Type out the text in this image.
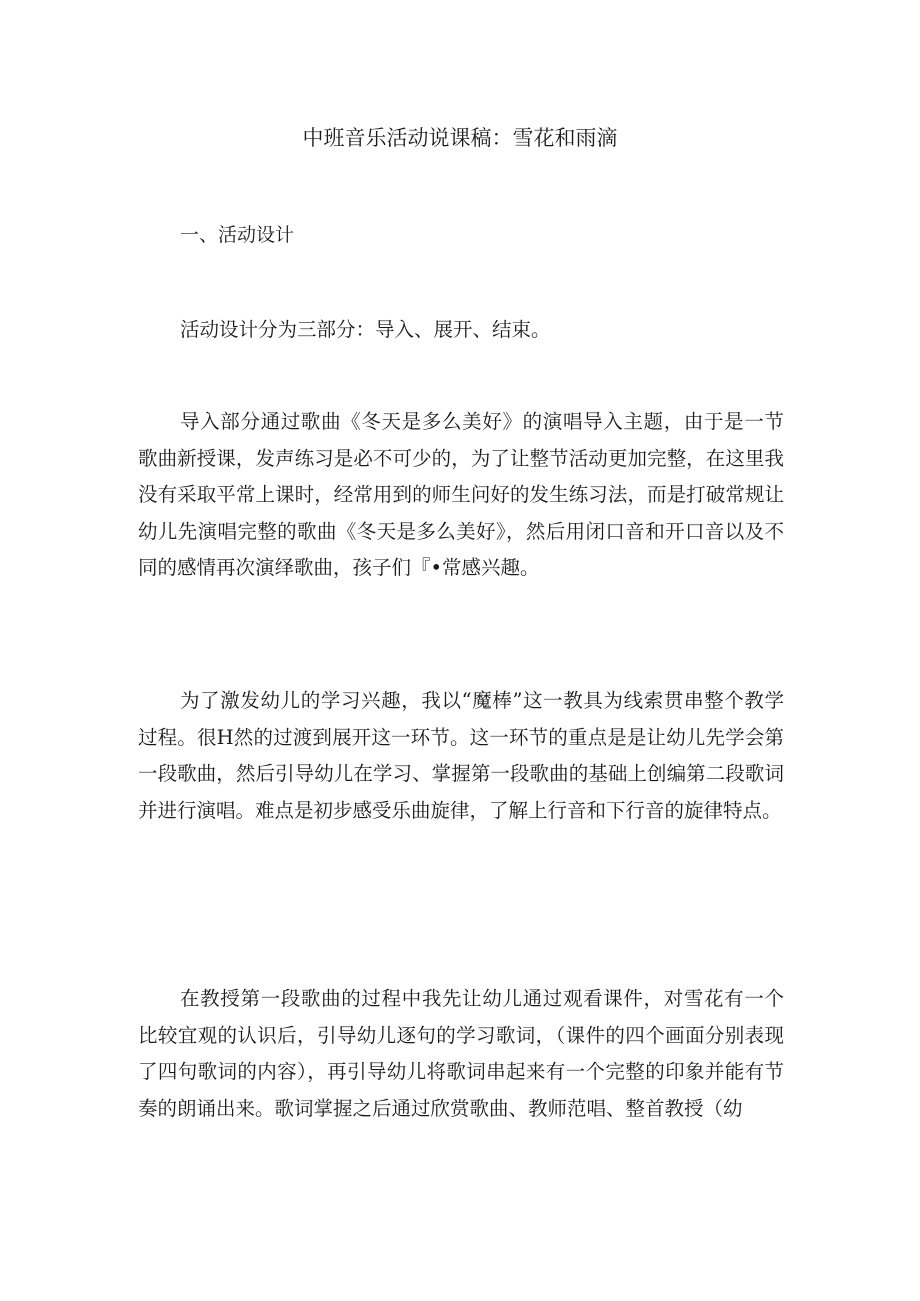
中班音乐活动说课稿：雪花和雨滴
一、活动设计

活动设计分为三部分：导入、展开、结束。

导入部分通过歌曲《冬天是多么美好》的演唱导入主题，由于是一节歌曲新授课，发声练习是必不可少的，为了让整节活动更加完整，在这里我没有采取平常上课时，经常用到的师生问好的发生练习法，而是打破常规让幼儿先演唱完整的歌曲《冬天是多么美好》，然后用闭口音和开口音以及不同的感情再次演绎歌曲，孩子们『•常感兴趣。

为了激发幼儿的学习兴趣，我以“魔棒”这一教具为线索贯串整个教学过程。很H然的过渡到展开这一环节。这一环节的重点是是让幼儿先学会第一段歌曲，然后引导幼儿在学习、掌握第一段歌曲的基础上创编第二段歌词并进行演唱。难点是初步感受乐曲旋律，了解上行音和下行音的旋律特点。

在教授第一段歌曲的过程中我先让幼儿通过观看课件，对雪花有一个比较宜观的认识后，引导幼儿逐句的学习歌词，（课件的四个画面分别表现了四句歌词的内容），再引导幼儿将歌词串起来有一个完整的印象并能有节奏的朗诵出来。歌词掌握之后通过欣赏歌曲、教师范唱、整首教授（幼
